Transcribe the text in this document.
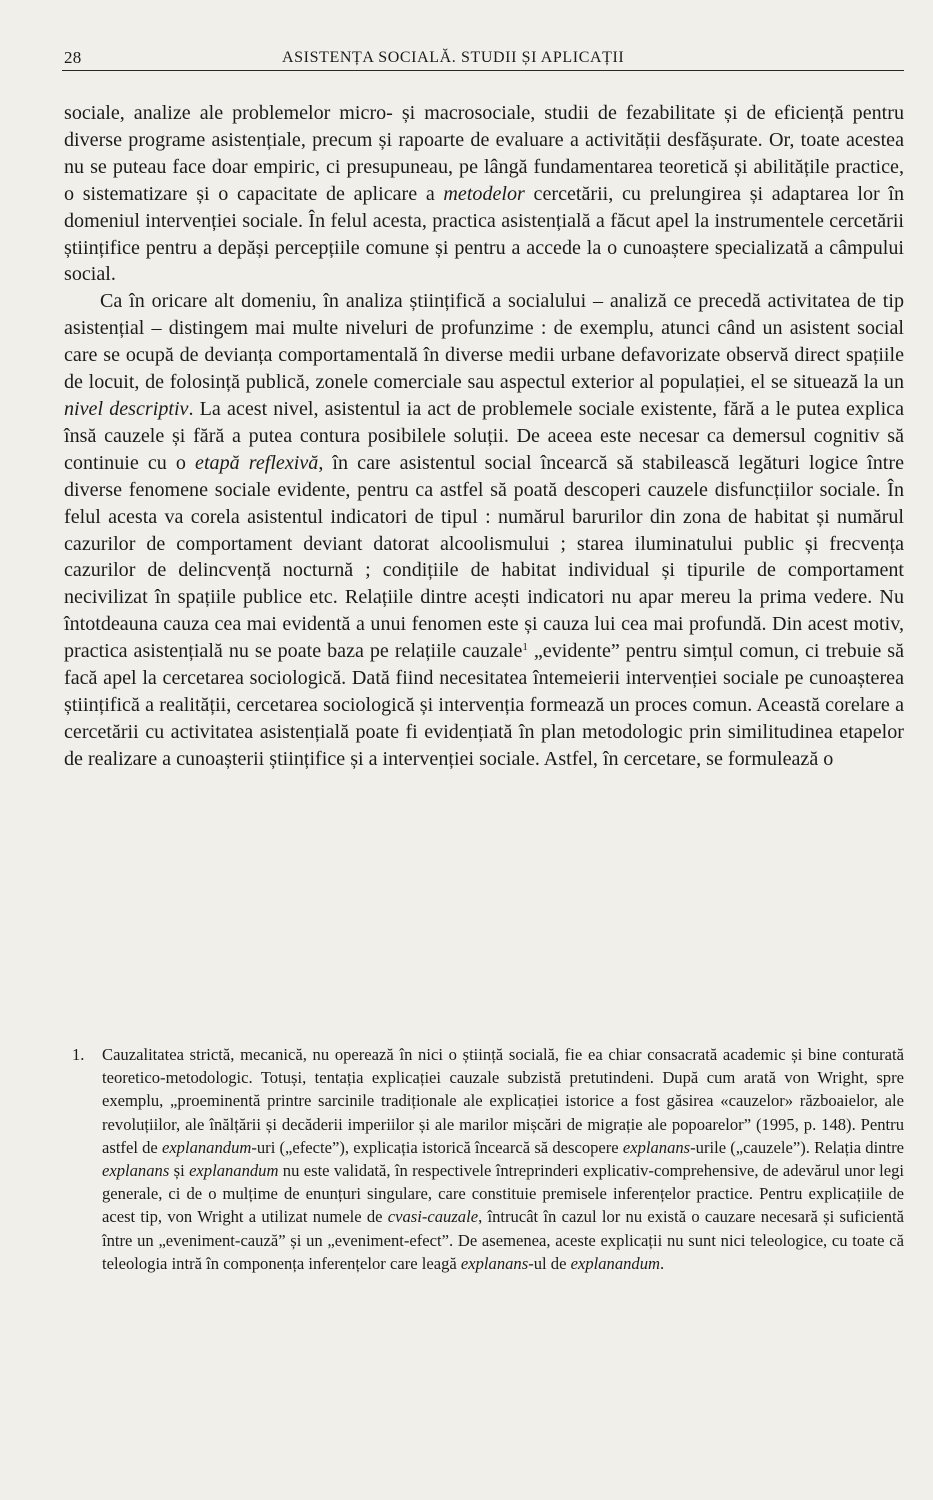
28	ASISTENȚA SOCIALĂ. STUDII ȘI APLICAȚII

sociale, analize ale problemelor micro- și macrosociale, studii de fezabilitate și de eficiență pentru diverse programe asistențiale, precum și rapoarte de evaluare a activității desfășurate. Or, toate acestea nu se puteau face doar empiric, ci presupuneau, pe lângă fundamentarea teoretică și abilitățile practice, o sistematizare și o capacitate de aplicare a metodelor cercetării, cu prelungirea și adaptarea lor în domeniul intervenției sociale. În felul acesta, practica asistențială a făcut apel la instrumentele cercetării științifice pentru a depăși percepțiile comune și pentru a accede la o cunoaștere specializată a câmpului social.

Ca în oricare alt domeniu, în analiza științifică a socialului – analiză ce precedă activitatea de tip asistențial – distingem mai multe niveluri de profunzime : de exemplu, atunci când un asistent social care se ocupă de devianța comportamentală în diverse medii urbane defavorizate observă direct spațiile de locuit, de folosință publică, zonele comerciale sau aspectul exterior al populației, el se situează la un nivel descriptiv. La acest nivel, asistentul ia act de problemele sociale existente, fără a le putea explica însă cauzele și fără a putea contura posibilele soluții. De aceea este necesar ca demersul cognitiv să continuie cu o etapă reflexivă, în care asistentul social încearcă să stabilească legături logice între diverse fenomene sociale evidente, pentru ca astfel să poată descoperi cauzele disfuncțiilor sociale. În felul acesta va corela asistentul indicatori de tipul : numărul barurilor din zona de habitat și numărul cazurilor de comportament deviant datorat alcoolismului ; starea iluminatului public și frecvența cazurilor de delincvență nocturnă ; condițiile de habitat individual și tipurile de comportament necivilizat în spațiile publice etc. Relațiile dintre acești indicatori nu apar mereu la prima vedere. Nu întotdeauna cauza cea mai evidentă a unui fenomen este și cauza lui cea mai profundă. Din acest motiv, practica asistențială nu se poate baza pe relațiile cauzale$^1$ „evidente” pentru simțul comun, ci trebuie să facă apel la cercetarea sociologică. Dată fiind necesitatea întemeierii intervenției sociale pe cunoașterea științifică a realității, cercetarea sociologică și intervenția formează un proces comun. Această corelare a cercetării cu activitatea asistențială poate fi evidențiată în plan metodologic prin similitudinea etapelor de realizare a cunoașterii științifice și a intervenției sociale. Astfel, în cercetare, se formulează o

1. Cauzalitatea strictă, mecanică, nu operează în nici o știință socială, fie ea chiar consacrată academic și bine conturată teoretico-metodologic. Totuși, tentația explicației cauzale subzistă pretutindeni. După cum arată von Wright, spre exemplu, „proeminentă printre sarcinile tradiționale ale explicației istorice a fost găsirea «cauzelor» războaielor, ale revoluțiilor, ale înălțării și decăderii imperiilor și ale marilor mișcări de migrație ale popoarelor” (1995, p. 148). Pentru astfel de explanandum-uri („efecte”), explicația istorică încearcă să descopere explanans-urile („cauzele”). Relația dintre explanans și explanandum nu este validată, în respectivele întreprinderi explicativ-comprehensive, de adevărul unor legi generale, ci de o mulțime de enunțuri singulare, care constituie premisele inferențelor practice. Pentru explicațiile de acest tip, von Wright a utilizat numele de cvasi-cauzale, întrucât în cazul lor nu există o cauzare necesară și suficientă între un „eveniment-cauză” și un „eveniment-efect”. De asemenea, aceste explicații nu sunt nici teleologice, cu toate că teleologia intră în componența inferențelor care leagă explanans-ul de explanandum.
